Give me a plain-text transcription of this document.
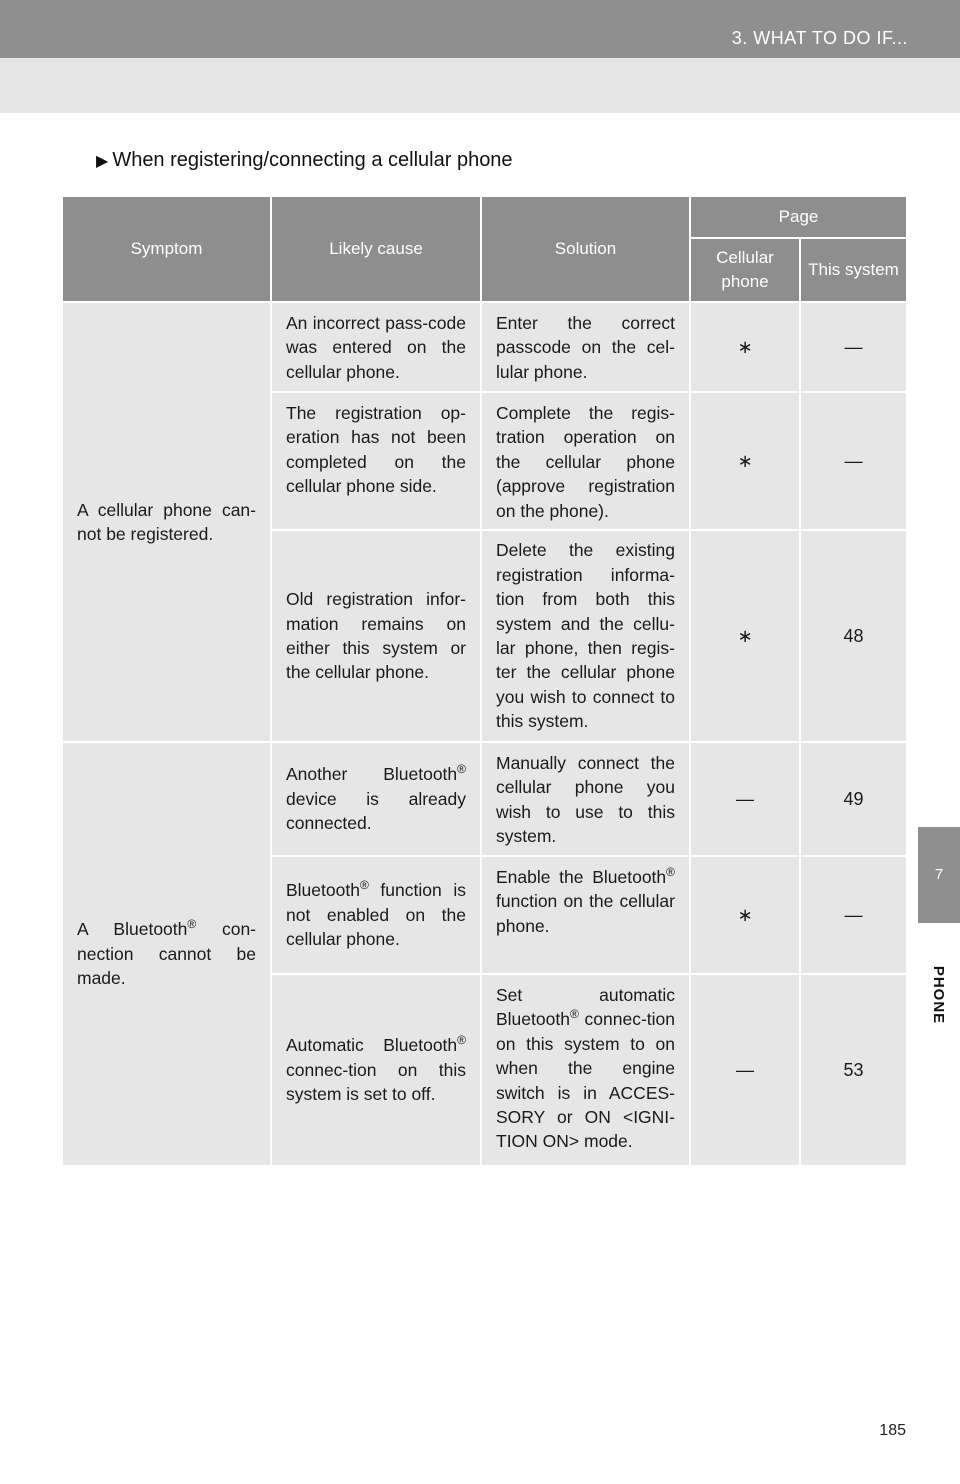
3. WHAT TO DO IF...
▶ When registering/connecting a cellular phone
Symptom	Likely cause	Solution	Page	
			Cellular phone	This system
A cellular phone can-not be registered.	An incorrect pass-code was entered on the cellular phone.	Enter the correct passcode on the cel-lular phone.	∗	—
	The registration op-eration has not been completed on the cellular phone side.	Complete the regis-tration operation on the cellular phone (approve registration on the phone).	∗	—
	Old registration infor-mation remains on either this system or the cellular phone.	Delete the existing registration informa-tion from both this system and the cellu-lar phone, then regis-ter the cellular phone you wish to connect to this system.	∗	48
A Bluetooth® con-nection cannot be made.	Another Bluetooth® device is already connected.	Manually connect the cellular phone you wish to use to this system.	—	49
	Bluetooth® function is not enabled on the cellular phone.	Enable the Bluetooth® function on the cellular phone.	∗	—
	Automatic Bluetooth® connec-tion on this system is set to off.	Set automatic Bluetooth® connec-tion on this system to on when the engine switch is in ACCES-SORY or ON <IGNI-TION ON> mode.	—	53
7
PHONE
185
